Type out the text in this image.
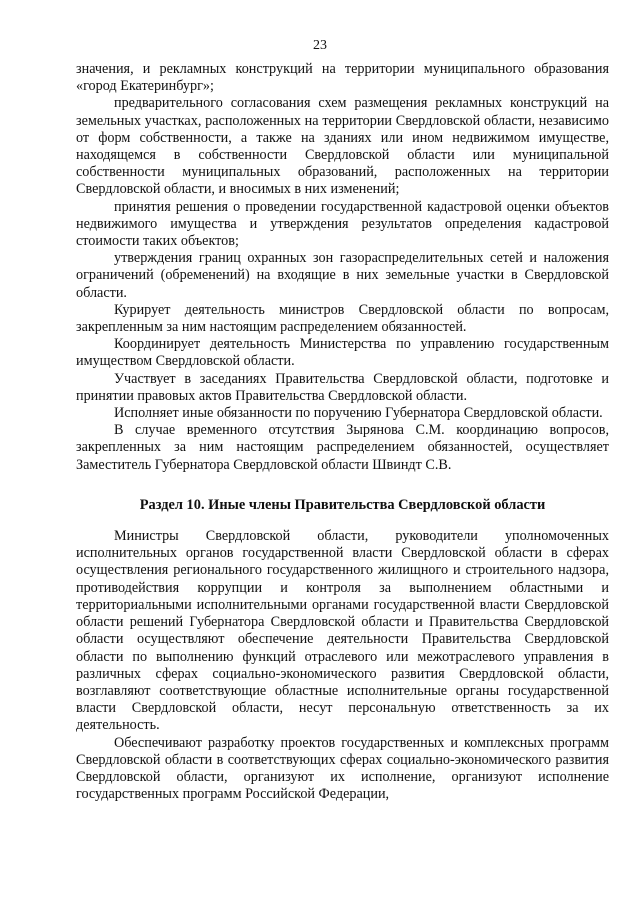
23

значения, и рекламных конструкций на территории муниципального образования «город Екатеринбург»;

предварительного согласования схем размещения рекламных конструкций на земельных участках, расположенных на территории Свердловской области, независимо от форм собственности, а также на зданиях или ином недвижимом имуществе, находящемся в собственности Свердловской области или муниципальной собственности муниципальных образований, расположенных на территории Свердловской области, и вносимых в них изменений;

принятия решения о проведении государственной кадастровой оценки объектов недвижимого имущества и утверждения результатов определения кадастровой стоимости таких объектов;

утверждения границ охранных зон газораспределительных сетей и наложения ограничений (обременений) на входящие в них земельные участки в Свердловской области.

Курирует деятельность министров Свердловской области по вопросам, закрепленным за ним настоящим распределением обязанностей.

Координирует деятельность Министерства по управлению государственным имуществом Свердловской области.

Участвует в заседаниях Правительства Свердловской области, подготовке и принятии правовых актов Правительства Свердловской области.

Исполняет иные обязанности по поручению Губернатора Свердловской области.

В случае временного отсутствия Зырянова С.М. координацию вопросов, закрепленных за ним настоящим распределением обязанностей, осуществляет Заместитель Губернатора Свердловской области Швиндт С.В.

Раздел 10. Иные члены Правительства Свердловской области

Министры Свердловской области, руководители уполномоченных исполнительных органов государственной власти Свердловской области в сферах осуществления регионального государственного жилищного и строительного надзора, противодействия коррупции и контроля за выполнением областными и территориальными исполнительными органами государственной власти Свердловской области решений Губернатора Свердловской области и Правительства Свердловской области осуществляют обеспечение деятельности Правительства Свердловской области по выполнению функций отраслевого или межотраслевого управления в различных сферах социально-экономического развития Свердловской области, возглавляют соответствующие областные исполнительные органы государственной власти Свердловской области, несут персональную ответственность за их деятельность.

Обеспечивают разработку проектов государственных и комплексных программ Свердловской области в соответствующих сферах социально-экономического развития Свердловской области, организуют их исполнение, организуют исполнение государственных программ Российской Федерации,
